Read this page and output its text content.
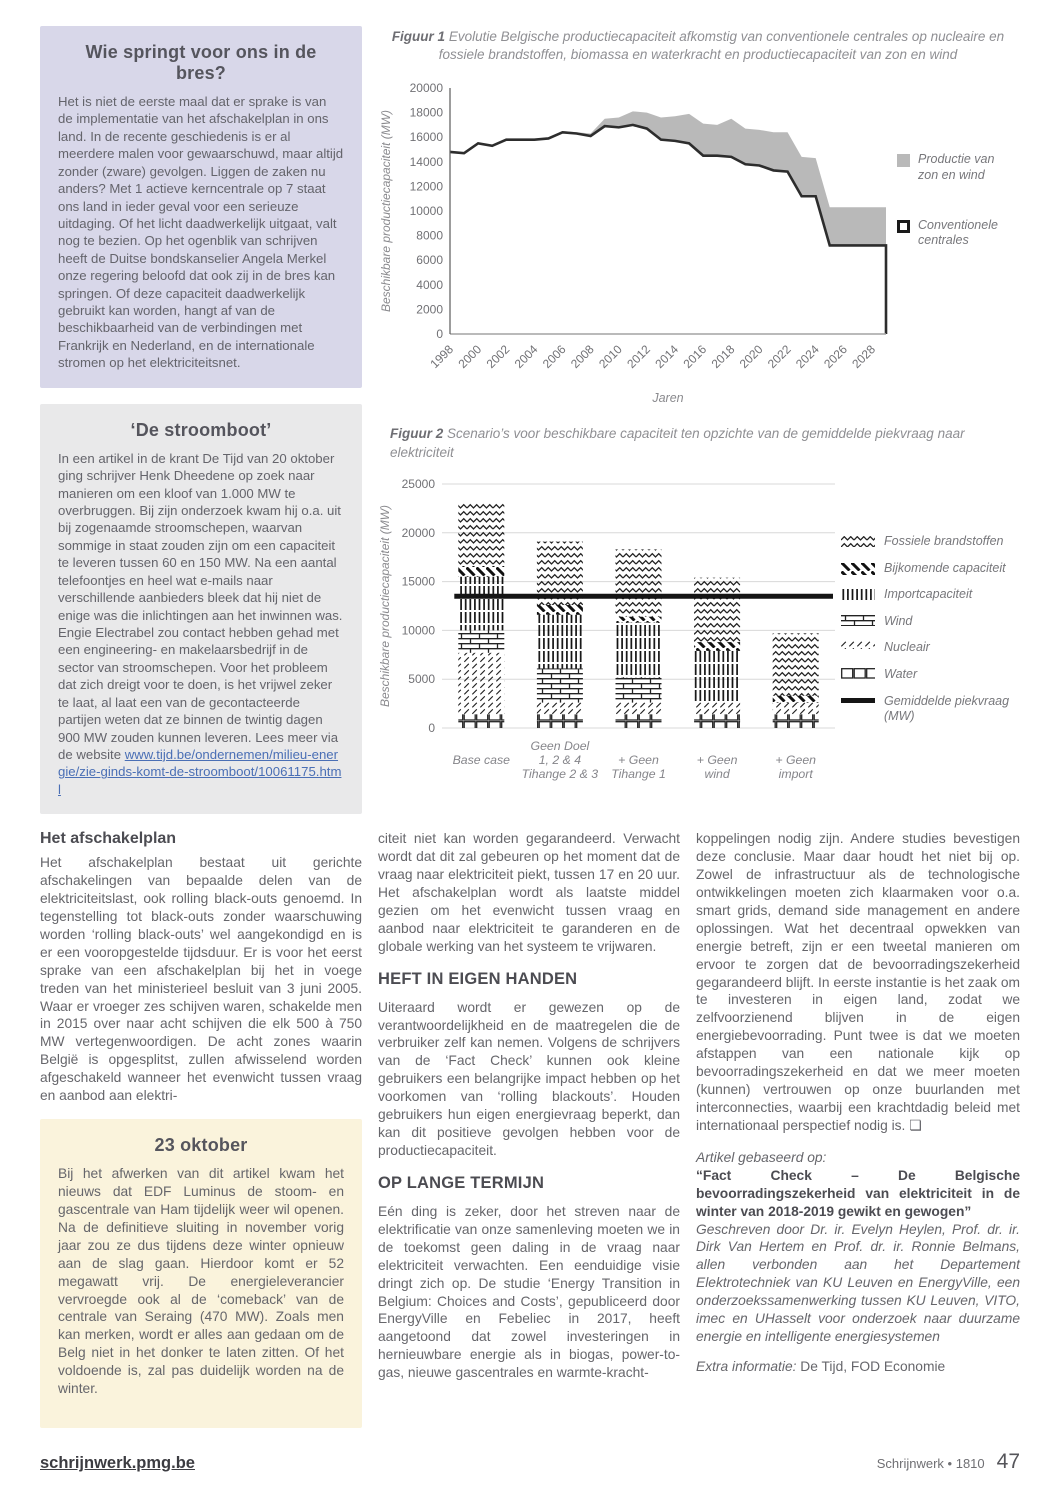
Wie springt voor ons in de bres?

Het is niet de eerste maal dat er sprake is van de implementatie van het afschakelplan in ons land. In de recente geschiedenis is er al meerdere malen voor gewaarschuwd, maar altijd zonder (zware) gevolgen. Liggen de zaken nu anders? Met 1 actieve kerncentrale op 7 staat ons land in ieder geval voor een serieuze uitdaging. Of het licht daadwerkelijk uitgaat, valt nog te bezien. Op het ogenblik van schrijven heeft de Duitse bondskanselier Angela Merkel onze regering beloofd dat ook zij in de bres kan springen. Of deze capaciteit daadwerkelijk gebruikt kan worden, hangt af van de beschikbaarheid van de verbindingen met Frankrijk en Nederland, en de internationale stromen op het elektriciteitsnet.

‘De stroomboot’

In een artikel in de krant De Tijd van 20 oktober ging schrijver Henk Dheedene op zoek naar manieren om een kloof van 1.000 MW te overbruggen. Bij zijn onderzoek kwam hij o.a. uit bij zogenaamde stroomschepen, waarvan sommige in staat zouden zijn om een capaciteit te leveren tussen 60 en 150 MW. Na een aantal telefoontjes en heel wat e-mails naar verschillende aanbieders bleek dat hij niet de enige was die inlichtingen aan het inwinnen was. Engie Electrabel zou contact hebben gehad met een engineering- en makelaarsbedrijf in de sector van stroomschepen. Voor het probleem dat zich dreigt voor te doen, is het vrijwel zeker te laat, al laat een van de gecontacteerde partijen weten dat ze binnen de twintig dagen 900 MW zouden kunnen leveren. Lees meer via de website www.tijd.be/ondernemen/milieu-energie/zie-ginds-komt-de-stroomboot/10061175.html

Figuur 1 Evolutie Belgische productiecapaciteit afkomstig van conventionele centrales op nucleaire en fossiele brandstoffen, biomassa en waterkracht en productiecapaciteit van zon en wind
0
2000
4000
6000
8000
10000
12000
14000
16000
18000
20000
1998 2000 2002 2004 2006 2008 2010 2012 2014 2016 2018 2020 2022 2024 2026 2028
Jaren
Beschikbare productiecapaciteit (MW)	Productie van zon en wind
Conventionele centrales
Figuur 2 Scenario’s voor beschikbare capaciteit ten opzichte van de gemiddelde piekvraag naar elektriciteit
0
5000
10000
15000
20000
25000
Base case
Geen Doel
1, 2 & 4
Tihange 2 & 3
+ Geen
Tihange 1
+ Geen
wind
+ Geen
import
Beschikbare productiecapaciteit (MW)	Fossiele brandstoffen
Bijkomende capaciteit
Importcapaciteit
Wind
Nucleair
Water
Gemiddelde piekvraag (MW)
Het afschakelplan

Het afschakelplan bestaat uit gerichte afschakelingen van bepaalde delen van de elektriciteitslast, ook rolling black-outs genoemd. In tegenstelling tot black-outs zonder waarschuwing worden ‘rolling black-outs’ wel aangekondigd en is er een vooropgestelde tijdsduur. Er is voor het eerst sprake van een afschakelplan bij het in voege treden van het ministerieel besluit van 3 juni 2005. Waar er vroeger zes schijven waren, schakelde men in 2015 over naar acht schijven die elk 500 à 750 MW vertegenwoordigen. De acht zones waarin België is opgesplitst, zullen afwisselend worden afgeschakeld wanneer het evenwicht tussen vraag en aanbod aan elektri-

23 oktober

Bij het afwerken van dit artikel kwam het nieuws dat EDF Luminus de stoom- en gascentrale van Ham tijdelijk weer wil openen. Na de definitieve sluiting in november vorig jaar zou ze dus tijdens deze winter opnieuw aan de slag gaan. Hierdoor komt er 52 megawatt vrij. De energieleverancier vervroegde ook al de ‘comeback’ van de centrale van Seraing (470 MW). Zoals men kan merken, wordt er alles aan gedaan om de Belg niet in het donker te laten zitten. Of het voldoende is, zal pas duidelijk worden na de winter.

citeit niet kan worden gegarandeerd. Verwacht wordt dat dit zal gebeuren op het moment dat de vraag naar elektriciteit piekt, tussen 17 en 20 uur. Het afschakelplan wordt als laatste middel gezien om het evenwicht tussen vraag en aanbod naar elektriciteit te garanderen en de globale werking van het systeem te vrijwaren.

HEFT IN EIGEN HANDEN

Uiteraard wordt er gewezen op de verantwoordelijkheid en de maatregelen die de verbruiker zelf kan nemen. Volgens de schrijvers van de ‘Fact Check’ kunnen ook kleine gebruikers een belangrijke impact hebben op het voorkomen van ‘rolling blackouts’. Houden gebruikers hun eigen energievraag beperkt, dan kan dit positieve gevolgen hebben voor de productiecapaciteit.

OP LANGE TERMIJN

Eén ding is zeker, door het streven naar de elektrificatie van onze samenleving moeten we in de toekomst geen daling in de vraag naar elektriciteit verwachten. Een eenduidige visie dringt zich op. De studie ‘Energy Transition in Belgium: Choices and Costs’, gepubliceerd door EnergyVille en Febeliec in 2017, heeft aangetoond dat zowel investeringen in hernieuwbare energie als in biogas, power-to-gas, nieuwe gascentrales en warmte-kracht-

koppelingen nodig zijn. Andere studies bevestigen deze conclusie. Maar daar houdt het niet bij op. Zowel de infrastructuur als de technologische ontwikkelingen moeten zich klaarmaken voor o.a. smart grids, demand side management en andere oplossingen. Wat het decentraal opwekken van energie betreft, zijn er een tweetal manieren om ervoor te zorgen dat de bevoorradingszekerheid gegarandeerd blijft. In eerste instantie is het zaak om te investeren in eigen land, zodat we zelfvoorzienend blijven in de eigen energiebevoorrading. Punt twee is dat we moeten afstappen van een nationale kijk op bevoorradingszekerheid en dat we meer moeten (kunnen) vertrouwen op onze buurlanden met interconnecties, waarbij een krachtdadig beleid met internationaal perspectief nodig is. ❏

Artikel gebaseerd op:

“Fact Check – De Belgische bevoorradingszekerheid van elektriciteit in de winter van 2018-2019 gewikt en gewogen”

Geschreven door Dr. ir. Evelyn Heylen, Prof. dr. ir. Dirk Van Hertem en Prof. dr. ir. Ronnie Belmans, allen verbonden aan het Departement Elektrotechniek van KU Leuven en EnergyVille, een onderzoekssamenwerking tussen KU Leuven, VITO, imec en UHasselt voor onderzoek naar duurzame energie en intelligente energiesystemen

Extra informatie: De Tijd, FOD Economie

schrijnwerk.pmg.be	Schrijnwerk • 1810 47
